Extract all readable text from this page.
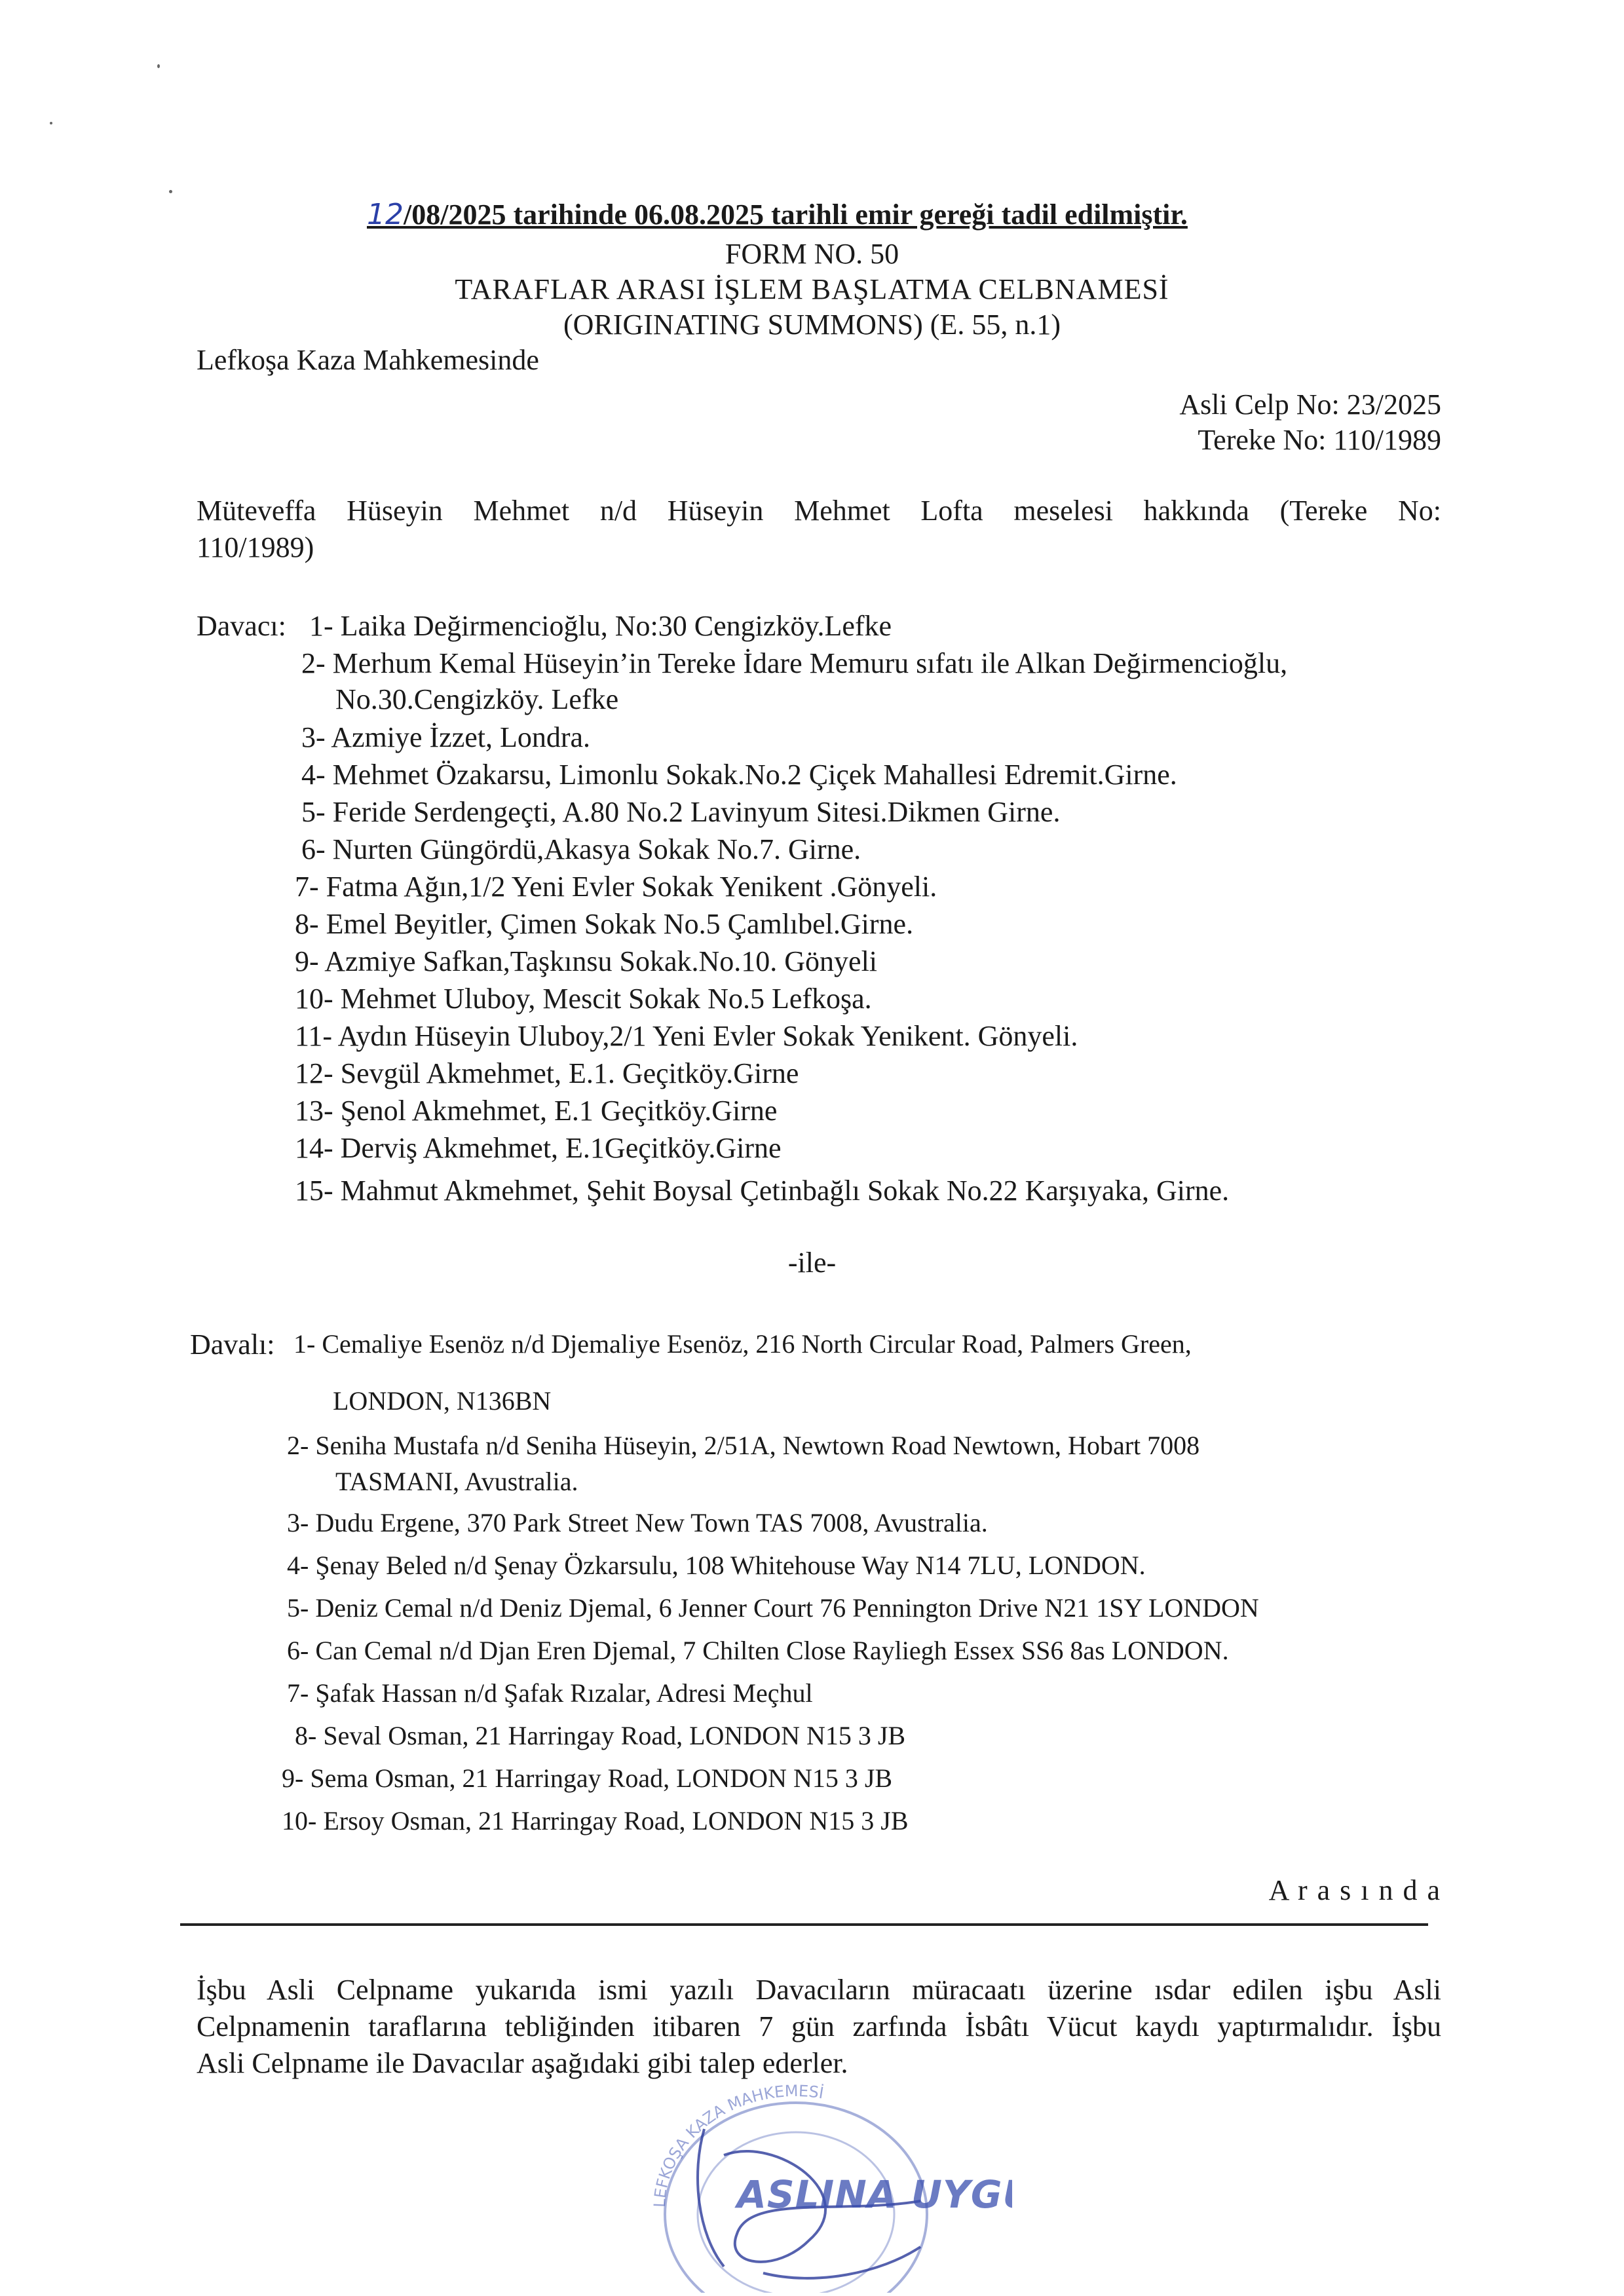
12/08/2025 tarihinde 06.08.2025 tarihli emir gereği tadil edilmiştir.
FORM NO. 50
TARAFLAR ARASI İŞLEM BAŞLATMA CELBNAMESİ
(ORIGINATING SUMMONS) (E. 55, n.1)
Lefkoşa Kaza Mahkemesinde
Asli Celp No: 23/2025
Tereke No: 110/1989
Müteveffa Hüseyin Mehmet n/d Hüseyin Mehmet Lofta meselesi hakkında (Tereke No:
110/1989)
Davacı: 1- Laika Değirmencioğlu, No:30 Cengizköy.Lefke
2- Merhum Kemal Hüseyin’in Tereke İdare Memuru sıfatı ile Alkan Değirmencioğlu,
No.30.Cengizköy. Lefke
3- Azmiye İzzet, Londra.
4- Mehmet Özakarsu, Limonlu Sokak.No.2 Çiçek Mahallesi Edremit.Girne.
5- Feride Serdengeçti, A.80 No.2 Lavinyum Sitesi.Dikmen Girne.
6- Nurten Güngördü,Akasya Sokak No.7. Girne.
7- Fatma Ağın,1/2 Yeni Evler Sokak Yenikent .Gönyeli.
8- Emel Beyitler, Çimen Sokak No.5 Çamlıbel.Girne.
9- Azmiye Safkan,Taşkınsu Sokak.No.10. Gönyeli
10- Mehmet Uluboy, Mescit Sokak No.5 Lefkoşa.
11- Aydın Hüseyin Uluboy,2/1 Yeni Evler Sokak Yenikent. Gönyeli.
12- Sevgül Akmehmet, E.1. Geçitköy.Girne
13- Şenol Akmehmet, E.1 Geçitköy.Girne
14- Derviş Akmehmet, E.1Geçitköy.Girne
15- Mahmut Akmehmet, Şehit Boysal Çetinbağlı Sokak No.22 Karşıyaka, Girne.
-ile-
Davalı: 1- Cemaliye Esenöz n/d Djemaliye Esenöz, 216 North Circular Road, Palmers Green,
LONDON, N136BN
2- Seniha Mustafa n/d Seniha Hüseyin, 2/51A, Newtown Road Newtown, Hobart 7008
TASMANI, Avustralia.
3- Dudu Ergene, 370 Park Street New Town TAS 7008, Avustralia.
4- Şenay Beled n/d Şenay Özkarsulu, 108 Whitehouse Way N14 7LU, LONDON.
5- Deniz Cemal n/d Deniz Djemal, 6 Jenner Court 76 Pennington Drive N21 1SY LONDON
6- Can Cemal n/d Djan Eren Djemal, 7 Chilten Close Rayliegh Essex SS6 8as LONDON.
7- Şafak Hassan n/d Şafak Rızalar, Adresi Meçhul
8- Seval Osman, 21 Harringay Road, LONDON N15 3 JB
9- Sema Osman, 21 Harringay Road, LONDON N15 3 JB
10- Ersoy Osman, 21 Harringay Road, LONDON N15 3 JB
A r a s ı n d a
İşbu Asli Celpname yukarıda ismi yazılı Davacıların müracaatı üzerine ısdar edilen işbu Asli
Celpnamenin taraflarına tebliğinden itibaren 7 gün zarfında İsbâtı Vücut kaydı yaptırmalıdır. İşbu
Asli Celpname ile Davacılar aşağıdaki gibi talep ederler.
LEFKOŞA KAZA MAHKEMESİ
ASLINA UYG
